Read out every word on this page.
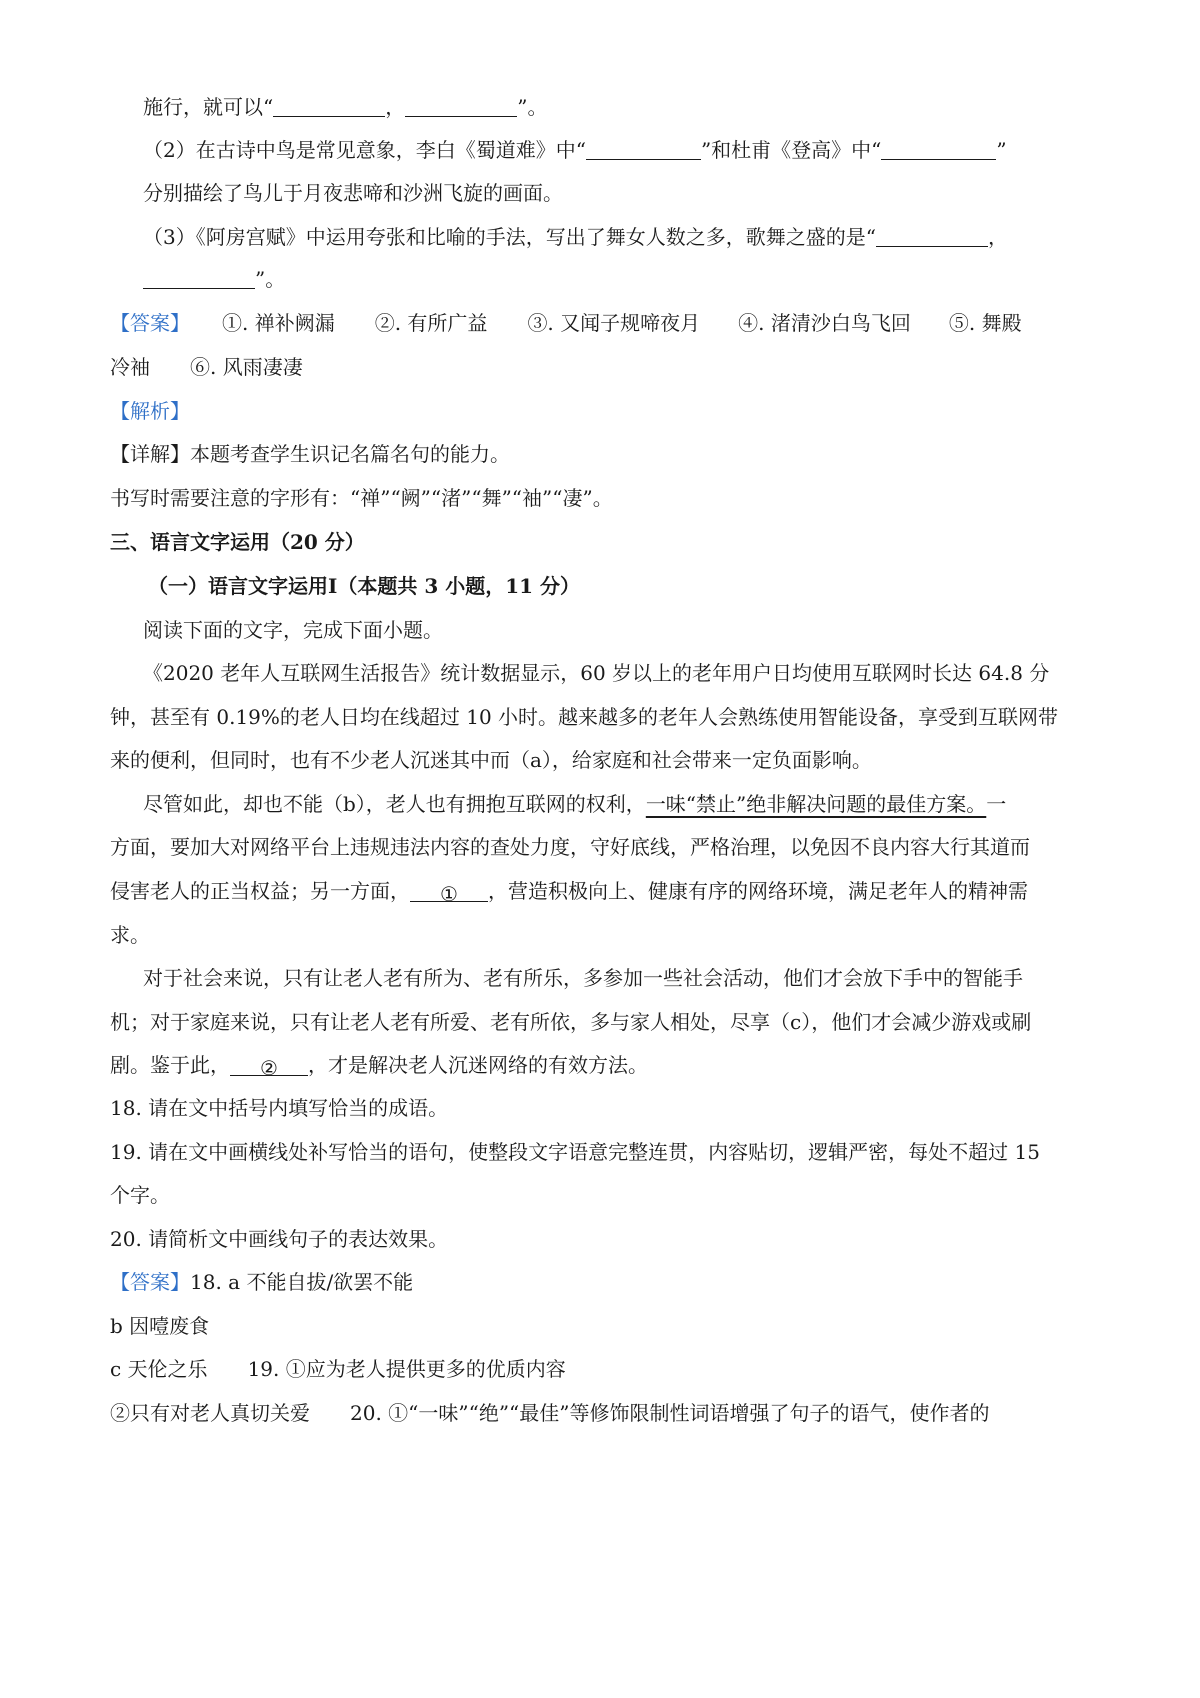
施行，就可以“	，	”。
（2）在古诗中鸟是常见意象，李白《蜀道难》中“	”和杜甫《登高》中“	”
分别描绘了鸟儿于月夜悲啼和沙洲飞旋的画面。
（3）《阿房宫赋》中运用夸张和比喻的手法，写出了舞女人数之多，歌舞之盛的是“	，
”。
【答案】 ①. 禅补阙漏 ②. 有所广益 ③. 又闻子规啼夜月 ④. 渚清沙白鸟飞回 ⑤. 舞殿
冷袖 ⑥. 风雨凄凄
【解析】
【详解】本题考查学生识记名篇名句的能力。
书写时需要注意的字形有：“禅”“阙”“渚”“舞”“袖”“凄”。
三、语言文字运用（20 分）
（一）语言文字运用Ⅰ（本题共 3 小题，11 分）
阅读下面的文字，完成下面小题。
《2020 老年人互联网生活报告》统计数据显示，60 岁以上的老年用户日均使用互联网时长达 64.8 分
钟，甚至有 0.19%的老人日均在线超过 10 小时。越来越多的老年人会熟练使用智能设备，享受到互联网带
来的便利，但同时，也有不少老人沉迷其中而（a），给家庭和社会带来一定负面影响。
尽管如此，却也不能（b），老人也有拥抱互联网的权利，一味“禁止”绝非解决问题的最佳方案。一
方面，要加大对网络平台上违规违法内容的查处力度，守好底线，严格治理，以免因不良内容大行其道而
侵害老人的正当权益；另一方面， ① ，营造积极向上、健康有序的网络环境，满足老年人的精神需
求。
对于社会来说，只有让老人老有所为、老有所乐，多参加一些社会活动，他们才会放下手中的智能手
机；对于家庭来说，只有让老人老有所爱、老有所依，多与家人相处，尽享（c），他们才会减少游戏或刷
剧。鉴于此， ② ，才是解决老人沉迷网络的有效方法。
18. 请在文中括号内填写恰当的成语。
19. 请在文中画横线处补写恰当的语句，使整段文字语意完整连贯，内容贴切，逻辑严密，每处不超过 15
个字。
20. 请简析文中画线句子的表达效果。
【答案】18. a 不能自拔/欲罢不能
b 因噎废食
c 天伦之乐 19. ①应为老人提供更多的优质内容
②只有对老人真切关爱 20. ①“一味”“绝”“最佳”等修饰限制性词语增强了句子的语气，使作者的
